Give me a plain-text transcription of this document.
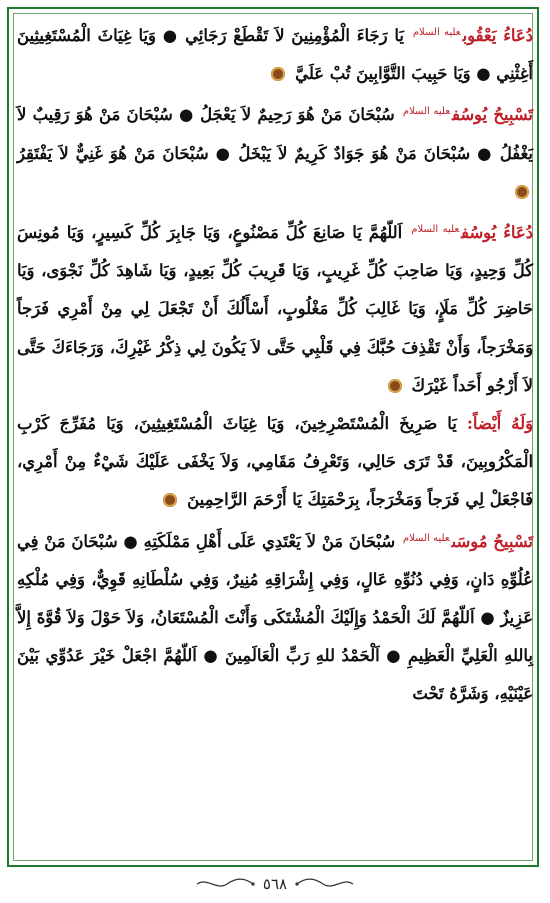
دُعَاءُ يَعْقُوب$^{عليه السلام}$ يَا رَجَاءَ الْمُؤْمِنِينَ لاَ تَقْطَعْ رَجَائِي ● وَيَا غِيَاثَ الْمُسْتَغِيثِينَ أَغِثْنِي ● وَيَا حَبِيبَ التَّوَّابِينَ تُبْ عَلَيَّ

تَسْبِيحُ يُوسُف$^{عليه السلام}$ سُبْحَانَ مَنْ هُوَ رَحِيمٌ لاَ يَعْجَلُ ● سُبْحَانَ مَنْ هُوَ رَقِيبٌ لاَ يَغْفُلُ ● سُبْحَانَ مَنْ هُوَ جَوَادٌ كَرِيمٌ لاَ يَبْخَلُ ● سُبْحَانَ مَنْ هُوَ غَنِيٌّ لاَ يَفْتَقِرُ

دُعَاءُ يُوسُف$^{عليه السلام}$ اَللّهُمَّ يَا صَانِعَ كُلِّ مَصْنُوعٍ، وَيَا جَابِرَ كُلِّ كَسِيرٍ، وَيَا مُونِسَ كُلِّ وَحِيدٍ، وَيَا صَاحِبَ كُلِّ غَرِيبٍ، وَيَا قَرِيبَ كُلِّ بَعِيدٍ، وَيَا شَاهِدَ كُلِّ نَجْوَى، وَيَا حَاضِرَ كُلِّ مَلَإٍ، وَيَا غَالِبَ كُلِّ مَغْلُوبٍ، أَسْأَلُكَ أَنْ تَجْعَلَ لِي مِنْ أَمْرِي فَرَجاً وَمَخْرَجاً، وَأَنْ تَقْذِفَ حُبَّكَ فِي قَلْبِي حَتَّى لاَ يَكُونَ لِي ذِكْرُ غَيْرِكَ، وَرَجَاءَكَ حَتَّى لاَ أَرْجُو أَحَداً غَيْرَكَ

وَلَهُ أَيْضاً: يَا صَرِيخَ الْمُسْتَصْرِخِينَ، وَيَا غِيَاثَ الْمُسْتَغِيثِينَ، وَيَا مُفَرِّجَ كَرْبِ الْمَكْرُوبِينَ، قَدْ تَرَى حَالِي، وَتَعْرِفُ مَقَامِي، وَلاَ يَخْفَى عَلَيْكَ شَيْءٌ مِنْ أَمْرِي، فَاجْعَلْ لِي فَرَجاً وَمَخْرَجاً، بِرَحْمَتِكَ يَا أَرْحَمَ الرَّاحِمِينَ

تَسْبِيحُ مُوسَى$^{عليه السلام}$ سُبْحَانَ مَنْ لاَ يَعْتَدِي عَلَى أَهْلِ مَمْلَكَتِهِ ● سُبْحَانَ مَنْ فِي عُلُوِّهِ دَانٍ، وَفِي دُنُوِّهِ عَالٍ، وَفِي إِشْرَاقِهِ مُنِيرٌ، وَفِي سُلْطَانِهِ قَوِيٌّ، وَفِي مُلْكِهِ عَزِيزٌ ● اَللّهُمَّ لَكَ الْحَمْدُ وَإِلَيْكَ الْمُشْتَكَى وَأَنْتَ الْمُسْتَعَانُ، وَلاَ حَوْلَ وَلاَ قُوَّةَ إِلاَّ بِاللهِ الْعَلِيِّ الْعَظِيمِ ● اَلْحَمْدُ للهِ رَبِّ الْعَالَمِينَ ● اَللّهُمَّ اجْعَلْ خَيْرَ عَدُوِّي بَيْنَ عَيْنَيْهِ، وَشَرَّهُ تَحْتَ

٥٦٨
